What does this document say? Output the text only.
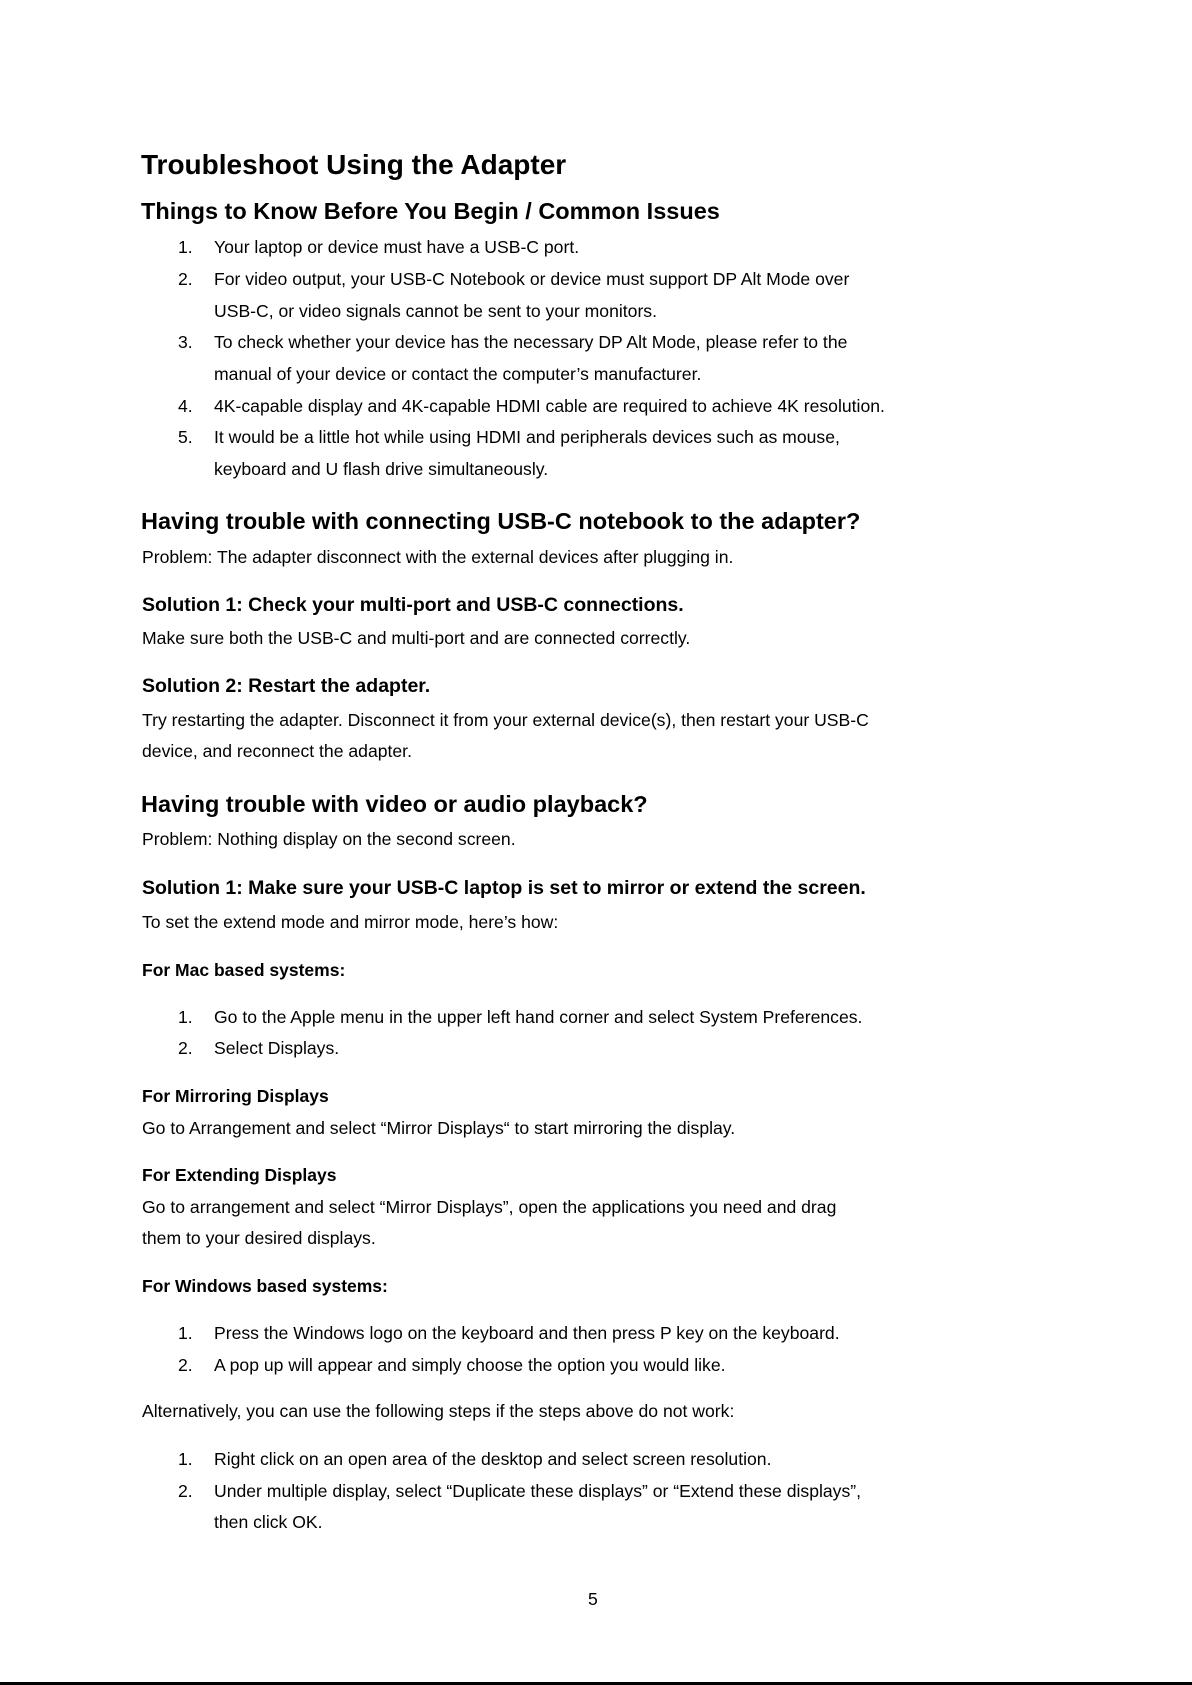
Troubleshoot Using the Adapter
Things to Know Before You Begin / Common Issues
1. Your laptop or device must have a USB-C port.
2. For video output, your USB-C Notebook or device must support DP Alt Mode over
USB-C, or video signals cannot be sent to your monitors.
3. To check whether your device has the necessary DP Alt Mode, please refer to the
manual of your device or contact the computer’s manufacturer.
4. 4K-capable display and 4K-capable HDMI cable are required to achieve 4K resolution.
5. It would be a little hot while using HDMI and peripherals devices such as mouse,
keyboard and U flash drive simultaneously.
Having trouble with connecting USB-C notebook to the adapter?
Problem: The adapter disconnect with the external devices after plugging in.
Solution 1: Check your multi-port and USB-C connections.
Make sure both the USB-C and multi-port and are connected correctly.
Solution 2: Restart the adapter.
Try restarting the adapter. Disconnect it from your external device(s), then restart your USB-C
device, and reconnect the adapter.
Having trouble with video or audio playback?
Problem: Nothing display on the second screen.
Solution 1: Make sure your USB-C laptop is set to mirror or extend the screen.
To set the extend mode and mirror mode, here’s how:
For Mac based systems:
1. Go to the Apple menu in the upper left hand corner and select System Preferences.
2. Select Displays.
For Mirroring Displays
Go to Arrangement and select “Mirror Displays“ to start mirroring the display.
For Extending Displays
Go to arrangement and select “Mirror Displays”, open the applications you need and drag
them to your desired displays.
For Windows based systems:
1. Press the Windows logo on the keyboard and then press P key on the keyboard.
2. A pop up will appear and simply choose the option you would like.
Alternatively, you can use the following steps if the steps above do not work:
1. Right click on an open area of the desktop and select screen resolution.
2. Under multiple display, select “Duplicate these displays” or “Extend these displays”,
then click OK.
5
